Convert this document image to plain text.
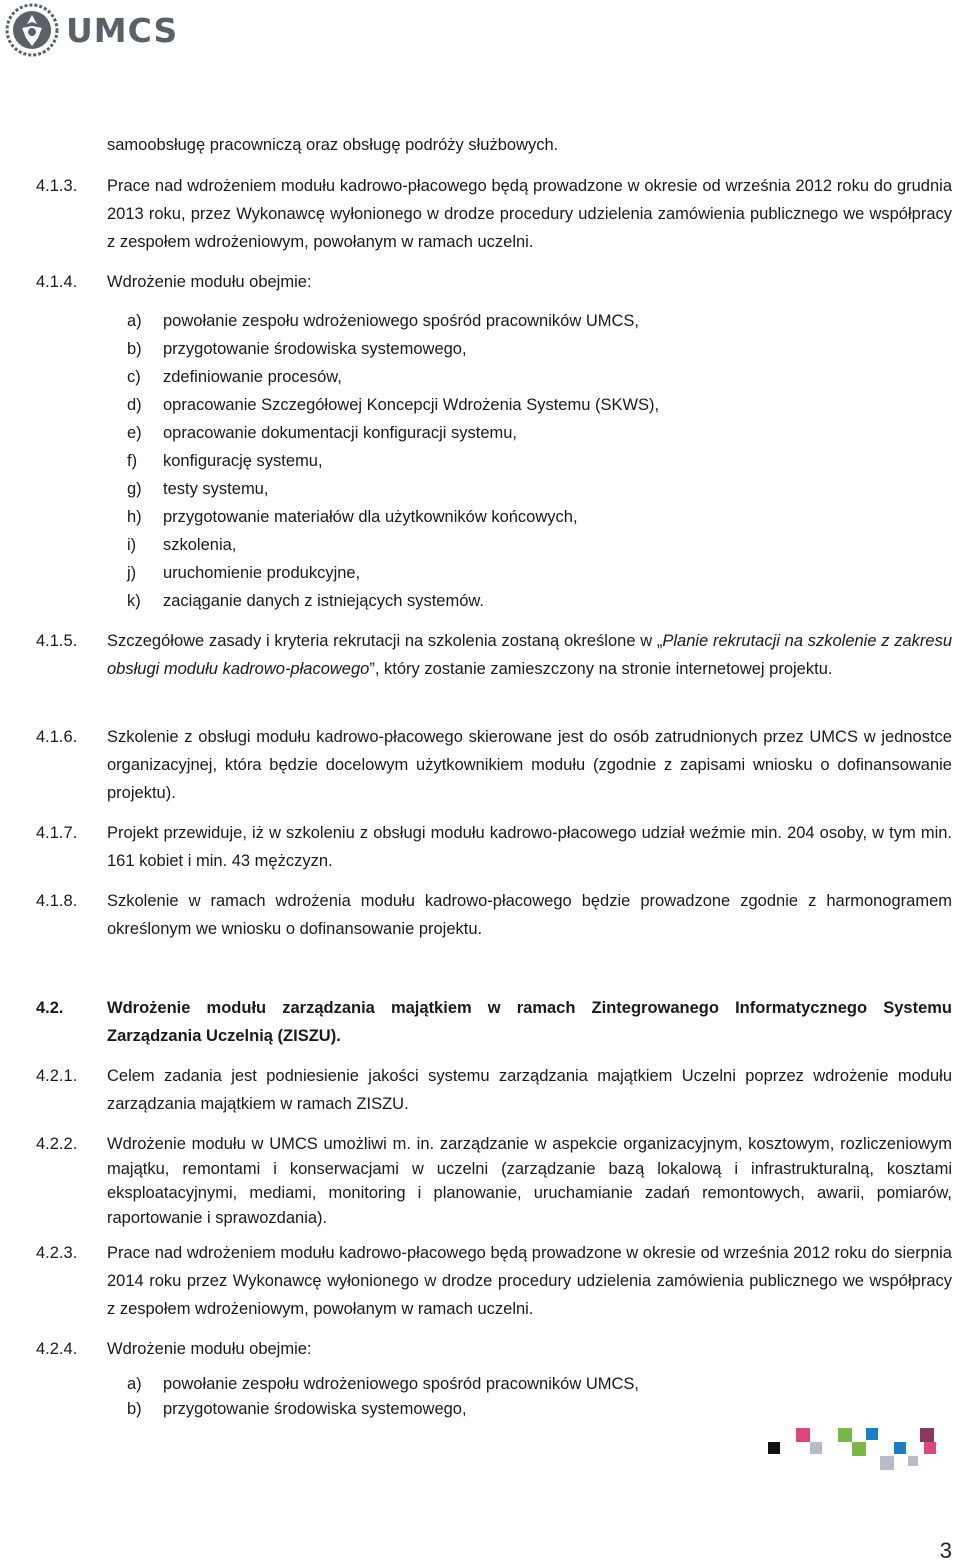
UMCS
samoobsługę pracowniczą oraz obsługę podróży służbowych.
4.1.3.	Prace nad wdrożeniem modułu kadrowo-płacowego będą prowadzone w okresie od września 2012 roku do grudnia 2013 roku, przez Wykonawcę wyłonionego w drodze procedury udzielenia zamówienia publicznego we współpracy z zespołem wdrożeniowym, powołanym w ramach uczelni.
4.1.4.	Wdrożenie modułu obejmie:
a) powołanie zespołu wdrożeniowego spośród pracowników UMCS,
b) przygotowanie środowiska systemowego,
c) zdefiniowanie procesów,
d) opracowanie Szczegółowej Koncepcji Wdrożenia Systemu (SKWS),
e) opracowanie dokumentacji konfiguracji systemu,
f) konfigurację systemu,
g) testy systemu,
h) przygotowanie materiałów dla użytkowników końcowych,
i) szkolenia,
j) uruchomienie produkcyjne,
k) zaciąganie danych z istniejących systemów.
4.1.5.	Szczegółowe zasady i kryteria rekrutacji na szkolenia zostaną określone w „Planie rekrutacji na szkolenie z zakresu obsługi modułu kadrowo-płacowego”, który zostanie zamieszczony na stronie internetowej projektu.
4.1.6.	Szkolenie z obsługi modułu kadrowo-płacowego skierowane jest do osób zatrudnionych przez UMCS w jednostce organizacyjnej, która będzie docelowym użytkownikiem modułu (zgodnie z zapisami wniosku o dofinansowanie projektu).
4.1.7.	Projekt przewiduje, iż w szkoleniu z obsługi modułu kadrowo-płacowego udział weźmie min. 204 osoby, w tym min. 161 kobiet i min. 43 mężczyzn.
4.1.8.	Szkolenie w ramach wdrożenia modułu kadrowo-płacowego będzie prowadzone zgodnie z harmonogramem określonym we wniosku o dofinansowanie projektu.
4.2.	Wdrożenie modułu zarządzania majątkiem w ramach Zintegrowanego Informatycznego Systemu Zarządzania Uczelnią (ZISZU).
4.2.1.	Celem zadania jest podniesienie jakości systemu zarządzania majątkiem Uczelni poprzez wdrożenie modułu zarządzania majątkiem w ramach ZISZU.
4.2.2.	Wdrożenie modułu w UMCS umożliwi m. in. zarządzanie w aspekcie organizacyjnym, kosztowym, rozliczeniowym majątku, remontami i konserwacjami w uczelni (zarządzanie bazą lokalową i infrastrukturalną, kosztami eksploatacyjnymi, mediami, monitoring i planowanie, uruchamianie zadań remontowych, awarii, pomiarów, raportowanie i sprawozdania).
4.2.3.	Prace nad wdrożeniem modułu kadrowo-płacowego będą prowadzone w okresie od września 2012 roku do sierpnia 2014 roku przez Wykonawcę wyłonionego w drodze procedury udzielenia zamówienia publicznego we współpracy z zespołem wdrożeniowym, powołanym w ramach uczelni.
4.2.4.	Wdrożenie modułu obejmie:
a) powołanie zespołu wdrożeniowego spośród pracowników UMCS,
b) przygotowanie środowiska systemowego,
3
